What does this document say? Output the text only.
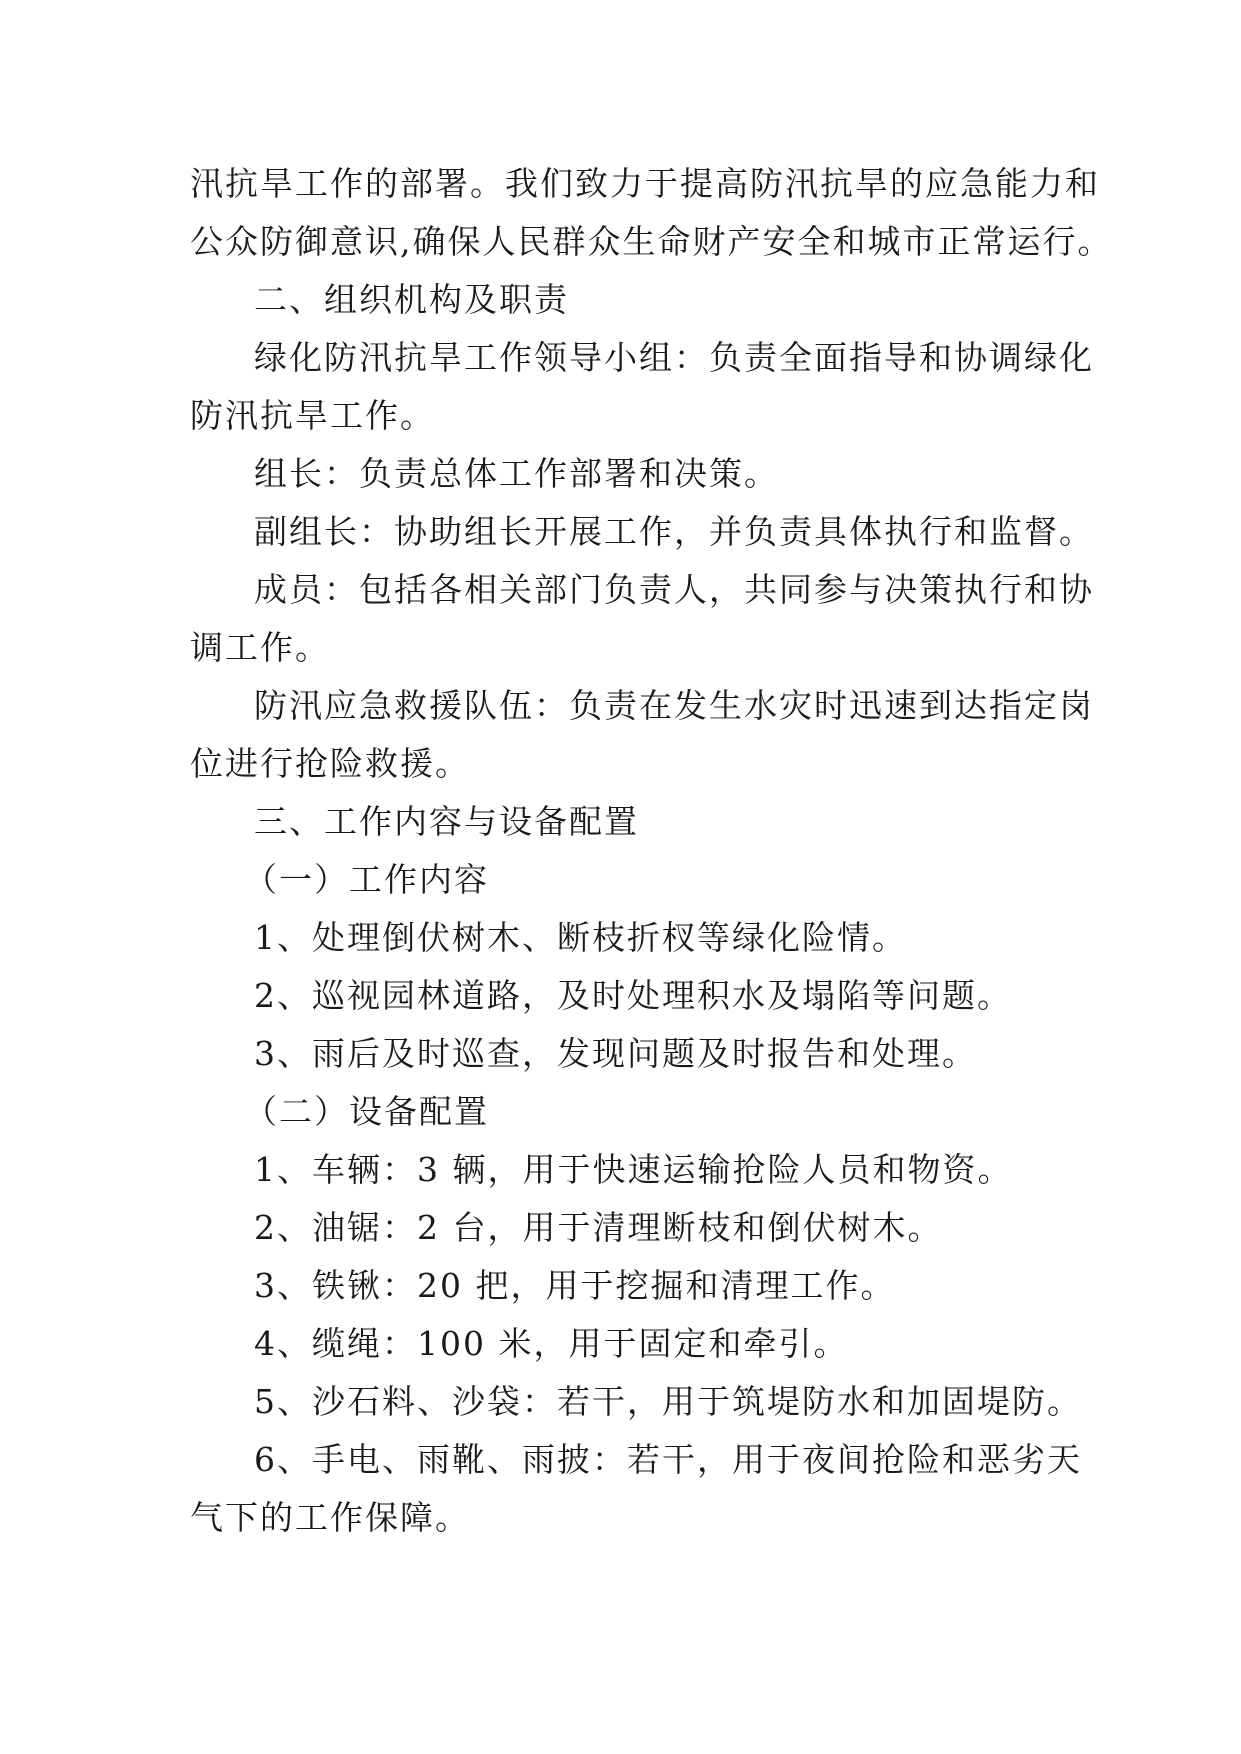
汛抗旱工作的部署。我们致力于提高防汛抗旱的应急能力和
公众防御意识,确保人民群众生命财产安全和城市正常运行。
二、组织机构及职责
绿化防汛抗旱工作领导小组：负责全面指导和协调绿化
防汛抗旱工作。
组长：负责总体工作部署和决策。
副组长：协助组长开展工作，并负责具体执行和监督。
成员：包括各相关部门负责人，共同参与决策执行和协
调工作。
防汛应急救援队伍：负责在发生水灾时迅速到达指定岗
位进行抢险救援。
三、工作内容与设备配置
（一）工作内容
1、处理倒伏树木、断枝折杈等绿化险情。
2、巡视园林道路，及时处理积水及塌陷等问题。
3、雨后及时巡查，发现问题及时报告和处理。
（二）设备配置
1、车辆：3 辆，用于快速运输抢险人员和物资。
2、油锯：2 台，用于清理断枝和倒伏树木。
3、铁锹：20 把，用于挖掘和清理工作。
4、缆绳：100 米，用于固定和牵引。
5、沙石料、沙袋：若干，用于筑堤防水和加固堤防。
6、手电、雨靴、雨披：若干，用于夜间抢险和恶劣天
气下的工作保障。
